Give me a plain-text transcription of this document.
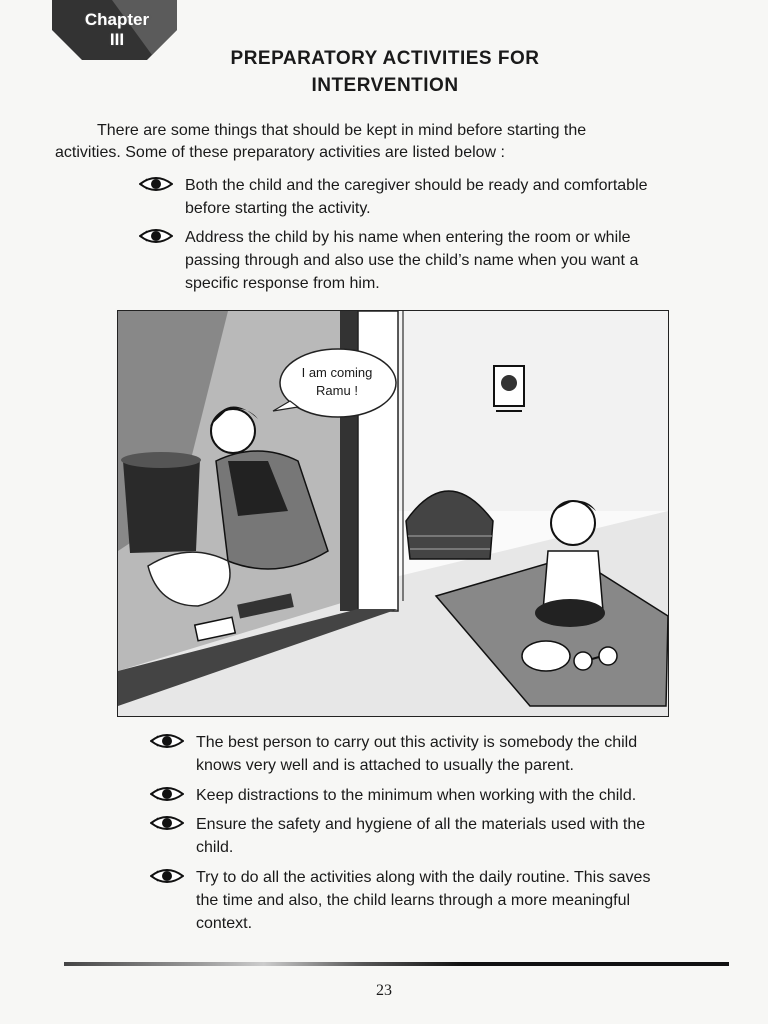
Chapter
III
PREPARATORY ACTIVITIES FOR
INTERVENTION
There are some things that should be kept in mind before starting the
activities. Some of these preparatory activities are listed below :
Both the child and the caregiver should be ready and comfortable
before starting the activity.
Address the child by his name when entering the room or while
passing through and also use the child’s name when you want a
specific response from him.
I am coming
Ramu !
The best person to carry out this activity is somebody the child
knows very well and is attached to usually the parent.
Keep distractions to the minimum when working with the child.
Ensure the safety and hygiene of all the materials used with the
child.
Try to do all the activities along with the daily routine. This saves
the time and also, the child learns through a more meaningful
context.
23
